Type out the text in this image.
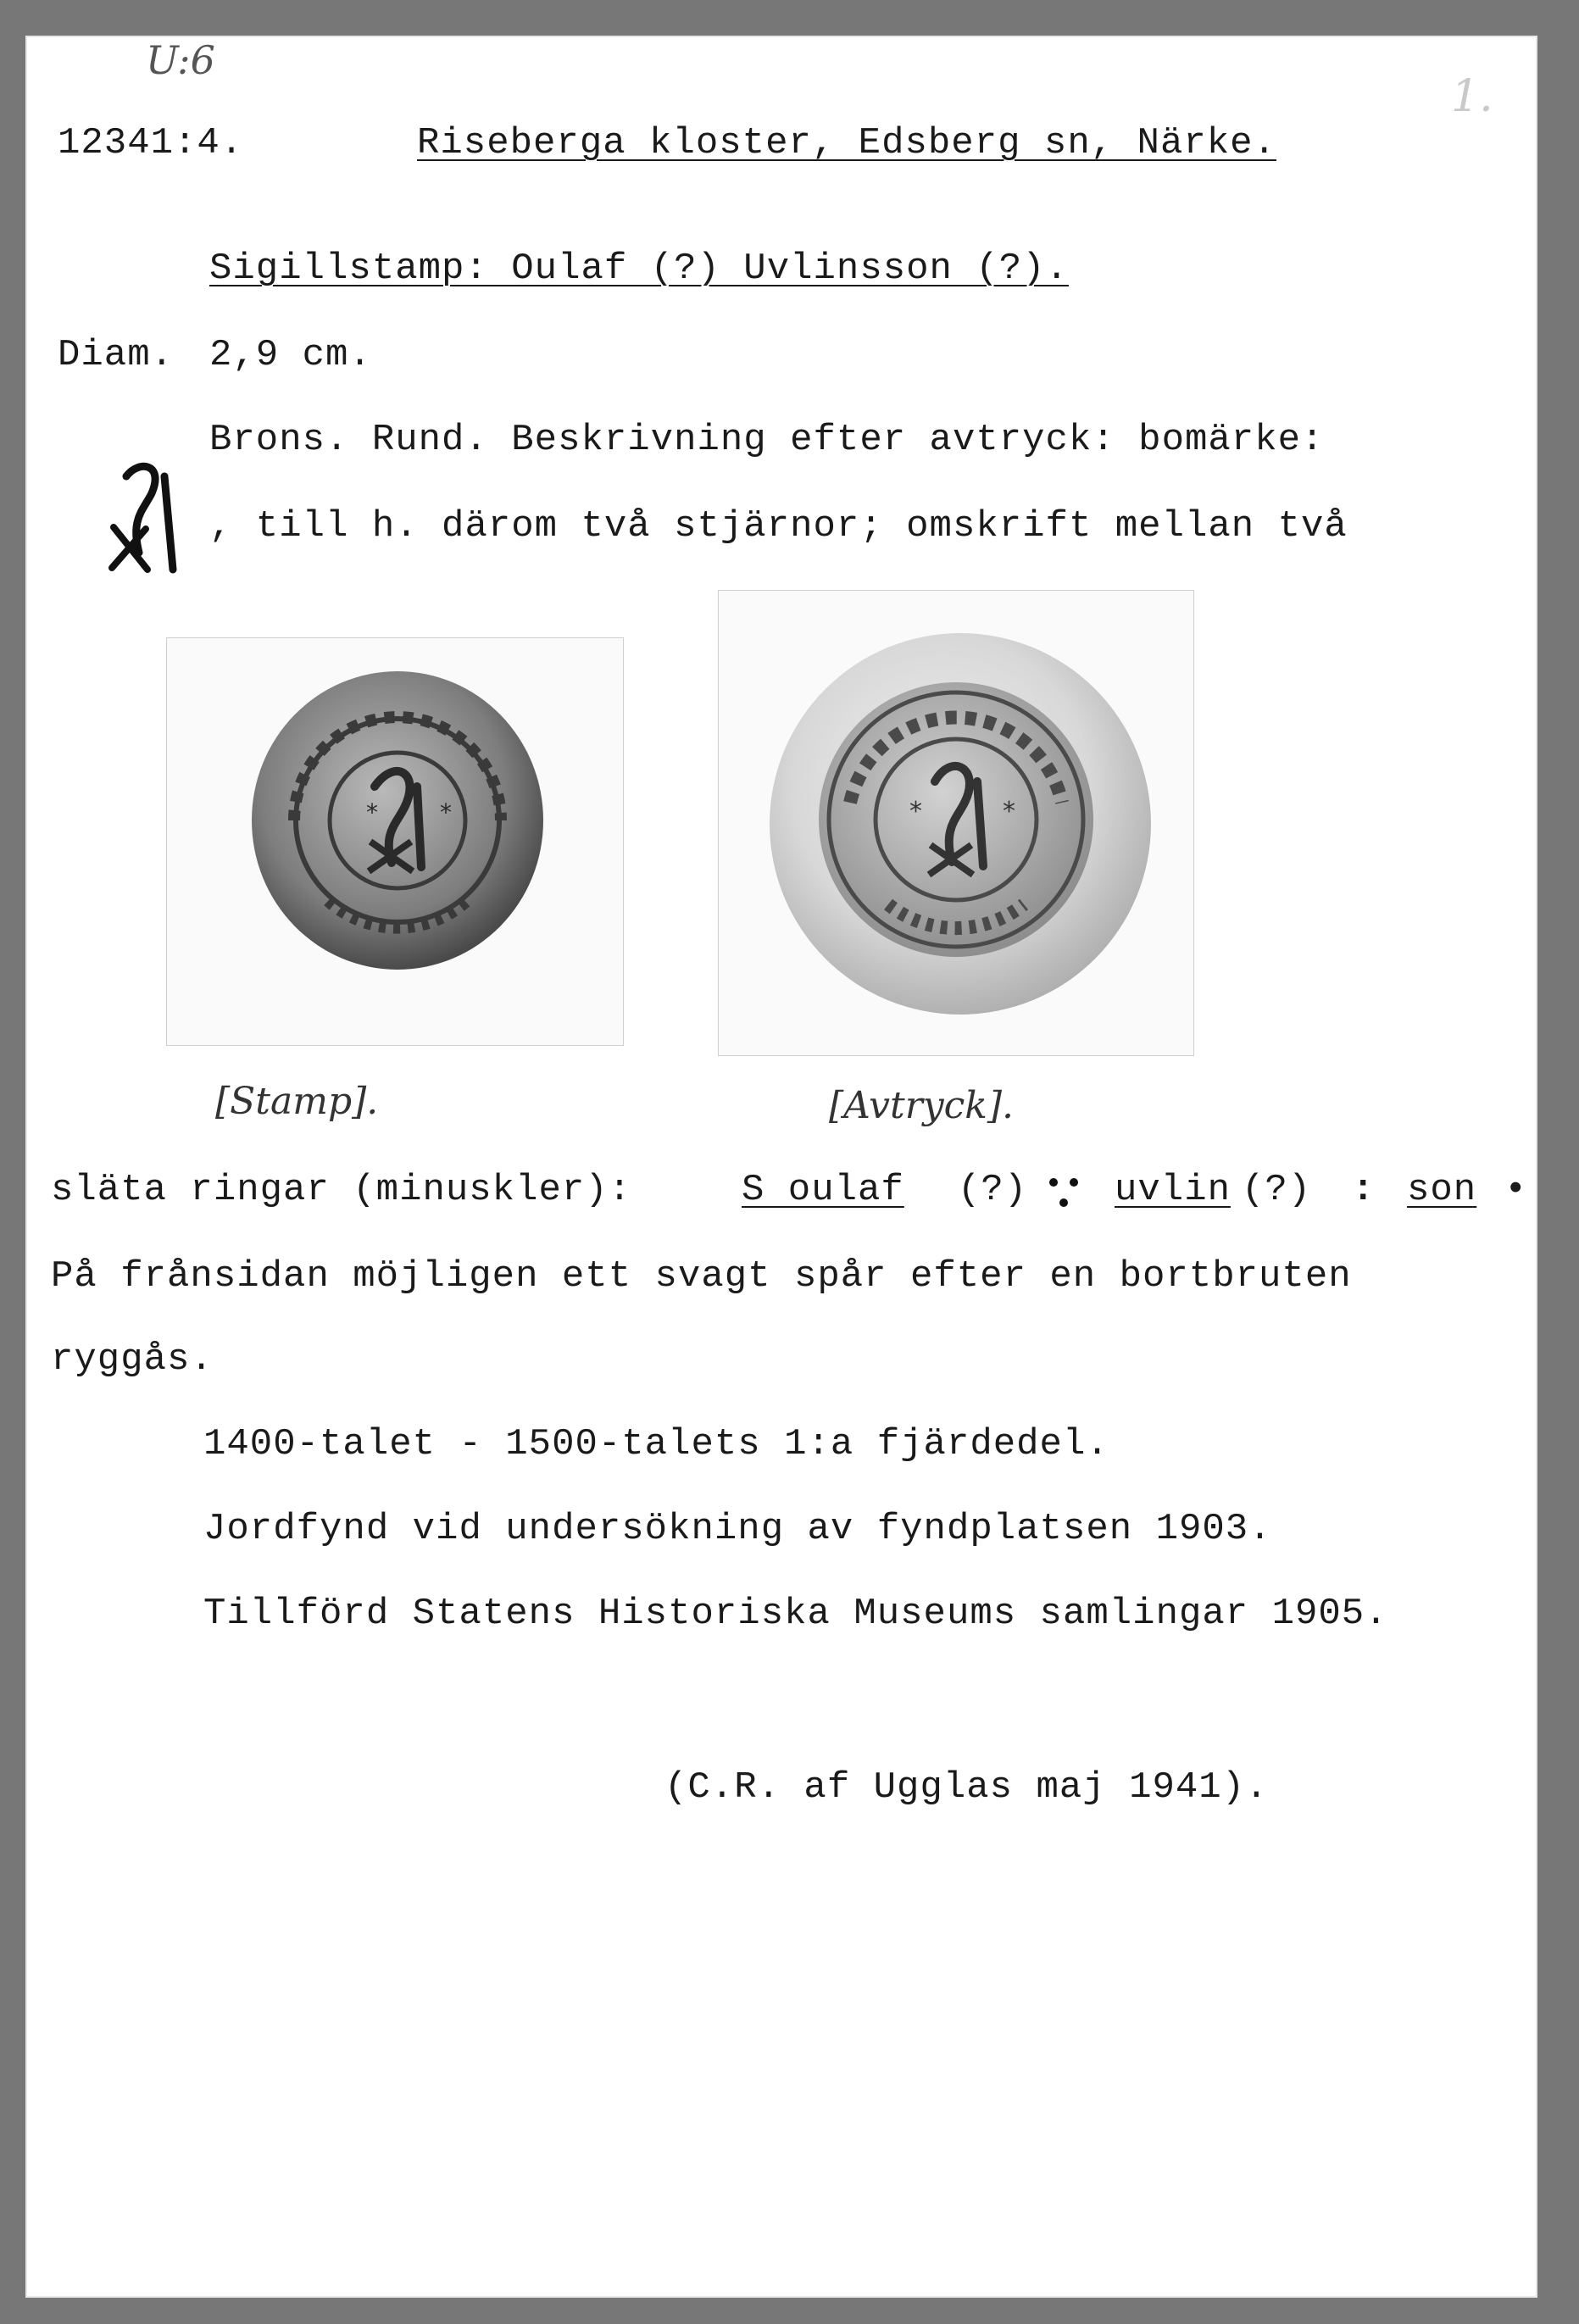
U:6
1.
12341:4.	Riseberga kloster, Edsberg sn, Närke.
Sigillstamp: Oulaf (?) Uvlinsson (?).
Diam. 2,9 cm.
Brons. Rund. Beskrivning efter avtryck: bomärke:
, till h. därom två stjärnor; omskrift mellan två
*	*	*	*
[Stamp].	[Avtryck].
släta ringar (minuskler):	S oulaf (?) uvlin (?) : son •
På frånsidan möjligen ett svagt spår efter en bortbruten
ryggås.
1400-talet - 1500-talets 1:a fjärdedel.
Jordfynd vid undersökning av fyndplatsen 1903.
Tillförd Statens Historiska Museums samlingar 1905.
(C.R. af Ugglas maj 1941).
